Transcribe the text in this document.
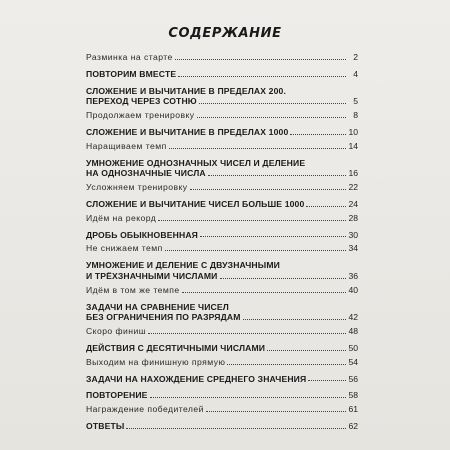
СОДЕРЖАНИЕ
Разминка на старте	2
ПОВТОРИМ ВМЕСТЕ	4
СЛОЖЕНИЕ И ВЫЧИТАНИЕ В ПРЕДЕЛАХ 200.
ПЕРЕХОД ЧЕРЕЗ СОТНЮ	5
Продолжаем тренировку	8
СЛОЖЕНИЕ И ВЫЧИТАНИЕ В ПРЕДЕЛАХ 1000	10
Наращиваем темп	14
УМНОЖЕНИЕ ОДНОЗНАЧНЫХ ЧИСЕЛ И ДЕЛЕНИЕ
НА ОДНОЗНАЧНЫЕ ЧИСЛА	16
Усложняем тренировку	22
СЛОЖЕНИЕ И ВЫЧИТАНИЕ ЧИСЕЛ БОЛЬШЕ 1000	24
Идём на рекорд	28
ДРОБЬ ОБЫКНОВЕННАЯ	30
Не снижаем темп	34
УМНОЖЕНИЕ И ДЕЛЕНИЕ С ДВУЗНАЧНЫМИ
И ТРЁХЗНАЧНЫМИ ЧИСЛАМИ	36
Идём в том же темпе	40
ЗАДАЧИ НА СРАВНЕНИЕ ЧИСЕЛ
БЕЗ ОГРАНИЧЕНИЯ ПО РАЗРЯДАМ	42
Скоро финиш	48
ДЕЙСТВИЯ С ДЕСЯТИЧНЫМИ ЧИСЛАМИ	50
Выходим на финишную прямую	54
ЗАДАЧИ НА НАХОЖДЕНИЕ СРЕДНЕГО ЗНАЧЕНИЯ	56
ПОВТОРЕНИЕ	58
Награждение победителей	61
ОТВЕТЫ	62
